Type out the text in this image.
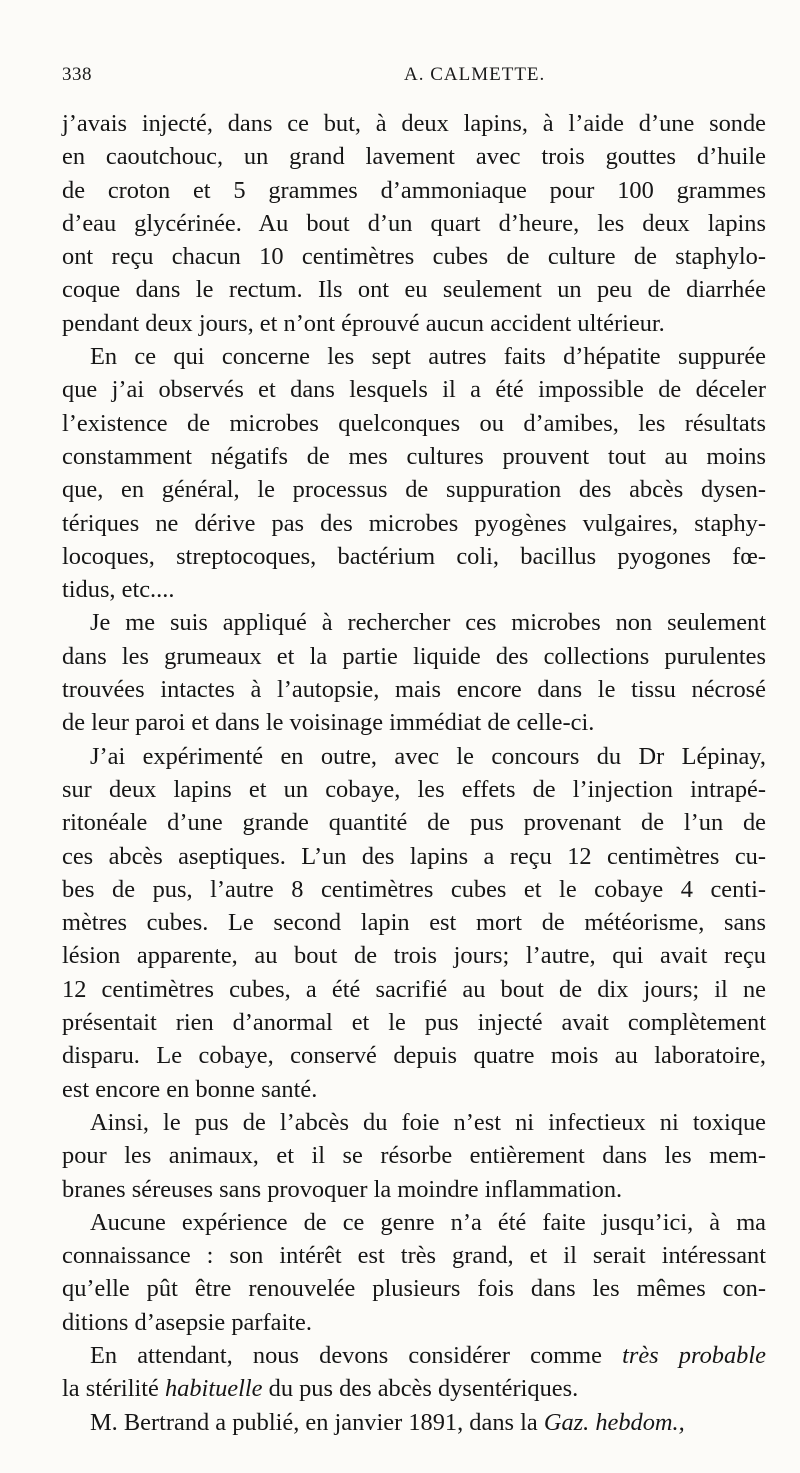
338	A. CALMETTE.
j’avais injecté, dans ce but, à deux lapins, à l’aide d’une sonde
en caoutchouc, un grand lavement avec trois gouttes d’huile
de croton et 5 grammes d’ammoniaque pour 100 grammes
d’eau glycérinée. Au bout d’un quart d’heure, les deux lapins
ont reçu chacun 10 centimètres cubes de culture de staphylo-
coque dans le rectum. Ils ont eu seulement un peu de diarrhée
pendant deux jours, et n’ont éprouvé aucun accident ultérieur.
En ce qui concerne les sept autres faits d’hépatite suppurée
que j’ai observés et dans lesquels il a été impossible de déceler
l’existence de microbes quelconques ou d’amibes, les résultats
constamment négatifs de mes cultures prouvent tout au moins
que, en général, le processus de suppuration des abcès dysen-
tériques ne dérive pas des microbes pyogènes vulgaires, staphy-
locoques, streptocoques, bactérium coli, bacillus pyogones fœ-
tidus, etc....
Je me suis appliqué à rechercher ces microbes non seulement
dans les grumeaux et la partie liquide des collections purulentes
trouvées intactes à l’autopsie, mais encore dans le tissu nécrosé
de leur paroi et dans le voisinage immédiat de celle-ci.
J’ai expérimenté en outre, avec le concours du Dr Lépinay,
sur deux lapins et un cobaye, les effets de l’injection intrapé-
ritonéale d’une grande quantité de pus provenant de l’un de
ces abcès aseptiques. L’un des lapins a reçu 12 centimètres cu-
bes de pus, l’autre 8 centimètres cubes et le cobaye 4 centi-
mètres cubes. Le second lapin est mort de météorisme, sans
lésion apparente, au bout de trois jours; l’autre, qui avait reçu
12 centimètres cubes, a été sacrifié au bout de dix jours; il ne
présentait rien d’anormal et le pus injecté avait complètement
disparu. Le cobaye, conservé depuis quatre mois au laboratoire,
est encore en bonne santé.
Ainsi, le pus de l’abcès du foie n’est ni infectieux ni toxique
pour les animaux, et il se résorbe entièrement dans les mem-
branes séreuses sans provoquer la moindre inflammation.
Aucune expérience de ce genre n’a été faite jusqu’ici, à ma
connaissance : son intérêt est très grand, et il serait intéressant
qu’elle pût être renouvelée plusieurs fois dans les mêmes con-
ditions d’asepsie parfaite.
En attendant, nous devons considérer comme très probable
la stérilité habituelle du pus des abcès dysentériques.
M. Bertrand a publié, en janvier 1891, dans la Gaz. hebdom.,
